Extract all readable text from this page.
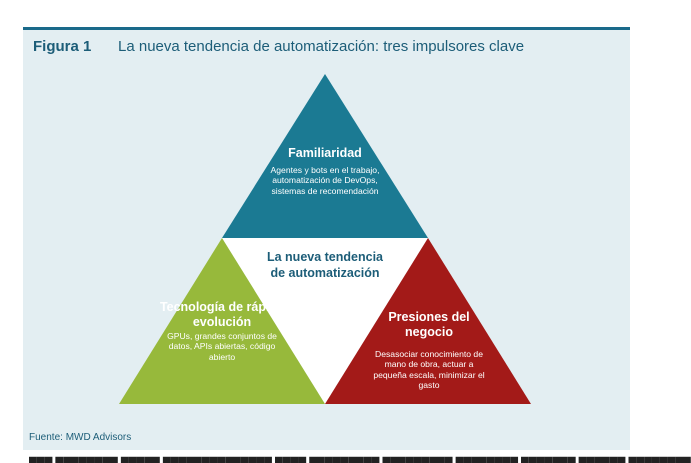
Figura 1 La nueva tendencia de automatización: tres impulsores clave
Familiaridad
Agentes y bots en el trabajo, automatización de DevOps, sistemas de recomendación
La nueva tendencia de automatización
Tecnología de rápida evolución
GPUs, grandes conjuntos de datos, APIs abiertas, código abierto
Presiones del negocio
Desasociar conocimiento de mano de obra, actuar a pequeña escala, minimizar el gasto
Fuente: MWD Advisors
▄▄▄ ▄▄▄▄▄▄▄▄ ▄▄▄▄▄ ▄▄▄▄▄▄▄▄▄▄▄▄▄▄ ▄▄▄▄ ▄▄▄▄▄▄▄▄▄ ▄▄▄▄▄▄▄▄▄ ▄▄▄▄▄▄▄▄ ▄▄▄▄▄▄▄ ▄▄▄▄▄▄ ▄▄▄▄▄▄▄▄
